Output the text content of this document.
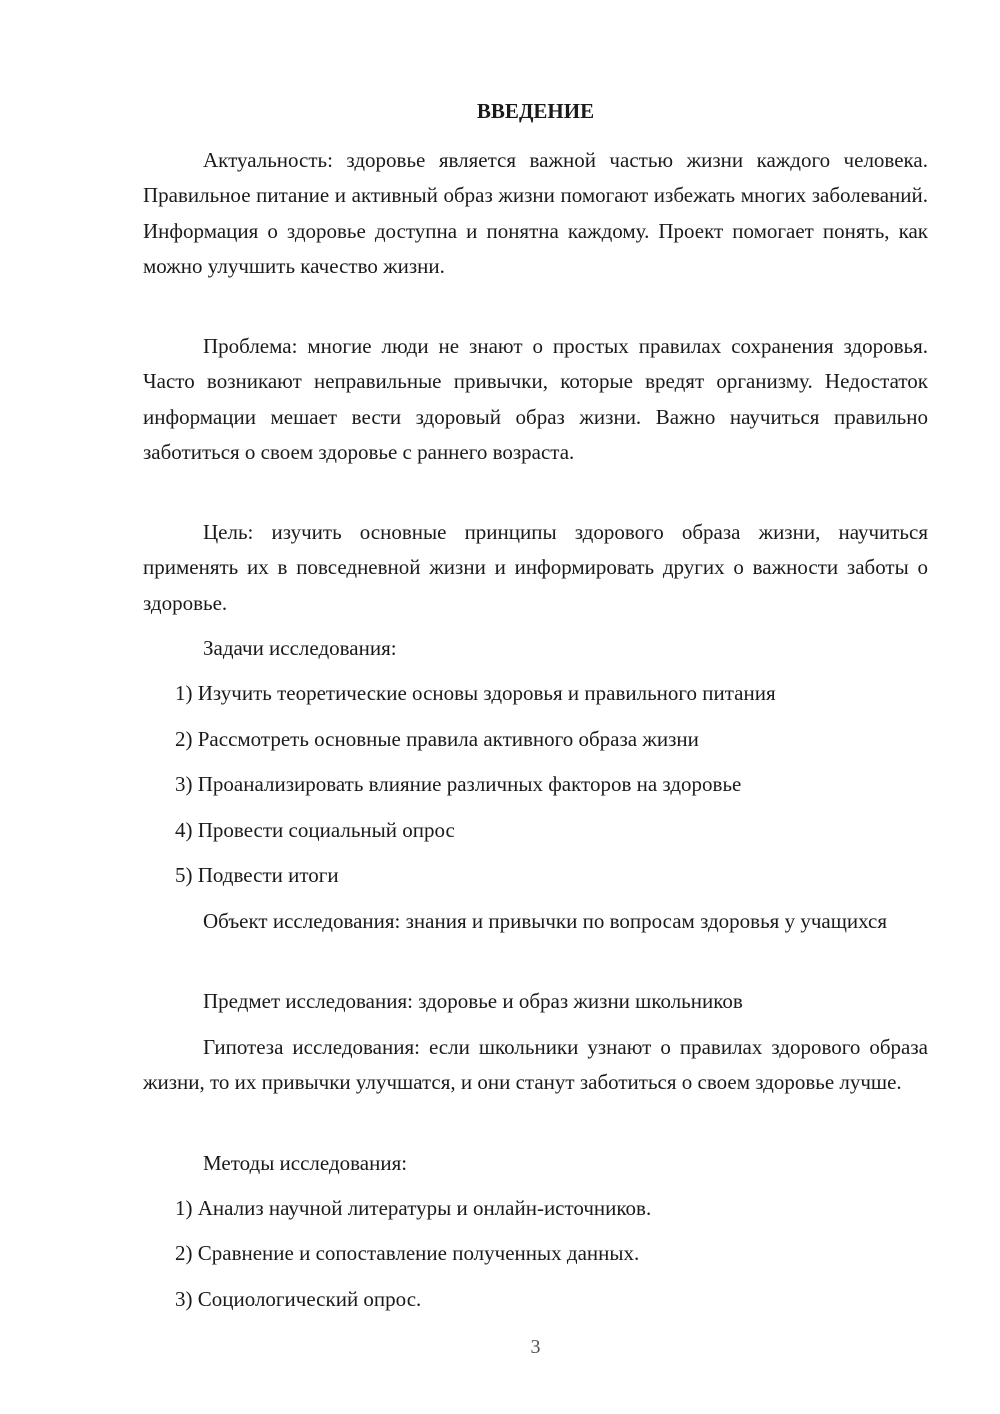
ВВЕДЕНИЕ

Актуальность: здоровье является важной частью жизни каждого человека. Правильное питание и активный образ жизни помогают избежать многих заболеваний. Информация о здоровье доступна и понятна каждому. Проект помогает понять, как можно улучшить качество жизни.

Проблема: многие люди не знают о простых правилах сохранения здоровья. Часто возникают неправильные привычки, которые вредят организму. Недостаток информации мешает вести здоровый образ жизни. Важно научиться правильно заботиться о своем здоровье с раннего возраста.

Цель: изучить основные принципы здорового образа жизни, научиться применять их в повседневной жизни и информировать других о важности заботы о здоровье.

Задачи исследования:

1) Изучить теоретические основы здоровья и правильного питания

2) Рассмотреть основные правила активного образа жизни

3) Проанализировать влияние различных факторов на здоровье

4) Провести социальный опрос

5) Подвести итоги

Объект исследования: знания и привычки по вопросам здоровья у учащихся

Предмет исследования: здоровье и образ жизни школьников

Гипотеза исследования: если школьники узнают о правилах здорового образа жизни, то их привычки улучшатся, и они станут заботиться о своем здоровье лучше.

Методы исследования:

1) Анализ научной литературы и онлайн-источников.

2) Сравнение и сопоставление полученных данных.

3) Социологический опрос.

3
